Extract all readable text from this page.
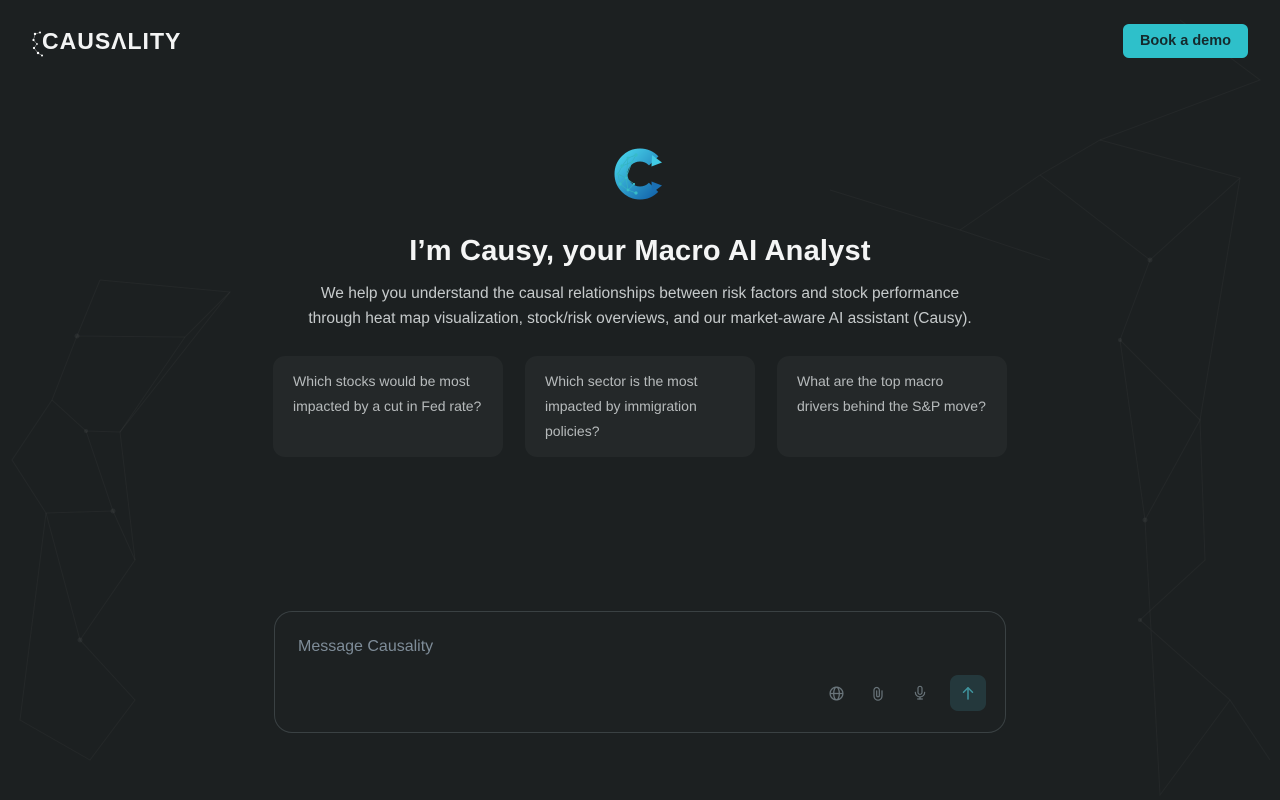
CAUSΛLITY	Book a demo
I’m Causy, your Macro AI Analyst

We help you understand the causal relationships between risk factors and stock performance through heat map visualization, stock/risk overviews, and our market-aware AI assistant (Causy).

Which stocks would be most impacted by a cut in Fed rate?
Which sector is the most impacted by immigration policies?
What are the top macro drivers behind the S&P move?
Message Causality
